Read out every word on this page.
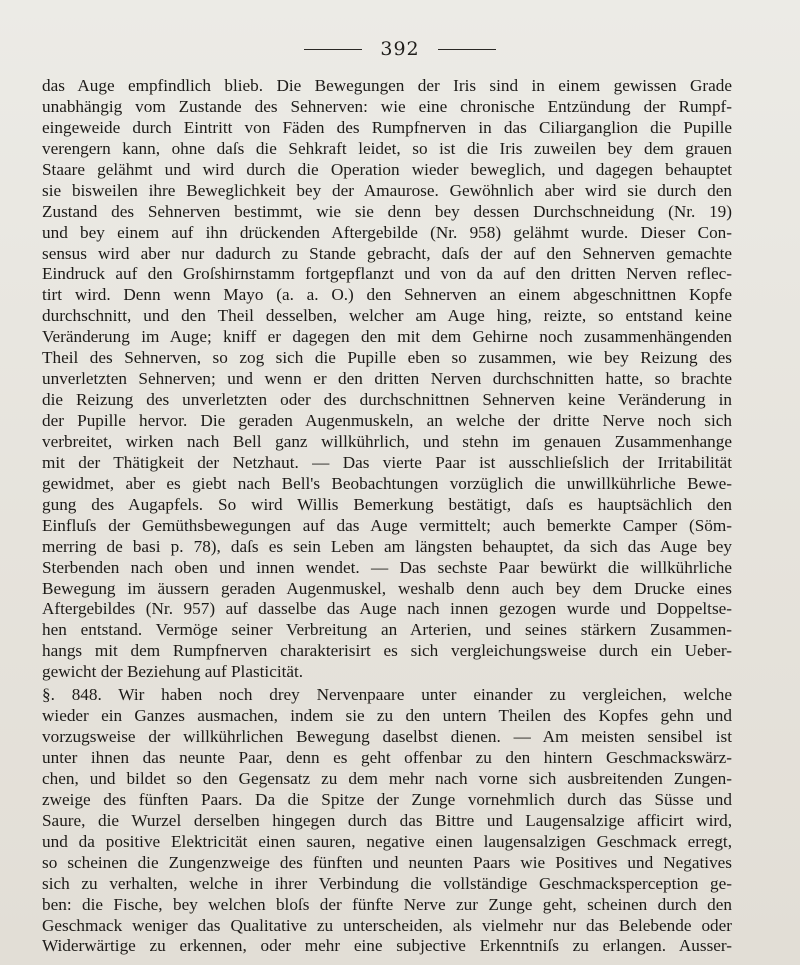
392
das Auge empfindlich blieb. Die Bewegungen der Iris sind in einem gewissen Grade
unabhängig vom Zustande des Sehnerven: wie eine chronische Entzündung der Rumpf-
eingeweide durch Eintritt von Fäden des Rumpfnerven in das Ciliarganglion die Pupille
verengern kann, ohne daſs die Sehkraft leidet, so ist die Iris zuweilen bey dem grauen
Staare gelähmt und wird durch die Operation wieder beweglich, und dagegen behauptet
sie bisweilen ihre Beweglichkeit bey der Amaurose. Gewöhnlich aber wird sie durch den
Zustand des Sehnerven bestimmt, wie sie denn bey dessen Durchschneidung (Nr. 19)
und bey einem auf ihn drückenden Aftergebilde (Nr. 958) gelähmt wurde. Dieser Con-
sensus wird aber nur dadurch zu Stande gebracht, daſs der auf den Sehnerven gemachte
Eindruck auf den Groſshirnstamm fortgepflanzt und von da auf den dritten Nerven reflec-
tirt wird. Denn wenn Mayo (a. a. O.) den Sehnerven an einem abgeschnittnen Kopfe
durchschnitt, und den Theil desselben, welcher am Auge hing, reizte, so entstand keine
Veränderung im Auge; kniff er dagegen den mit dem Gehirne noch zusammenhängenden
Theil des Sehnerven, so zog sich die Pupille eben so zusammen, wie bey Reizung des
unverletzten Sehnerven; und wenn er den dritten Nerven durchschnitten hatte, so brachte
die Reizung des unverletzten oder des durchschnittnen Sehnerven keine Veränderung in
der Pupille hervor. Die geraden Augenmuskeln, an welche der dritte Nerve noch sich
verbreitet, wirken nach Bell ganz willkührlich, und stehn im genauen Zusammenhange
mit der Thätigkeit der Netzhaut. — Das vierte Paar ist ausschlieſslich der Irritabilität
gewidmet, aber es giebt nach Bell's Beobachtungen vorzüglich die unwillkührliche Bewe-
gung des Augapfels. So wird Willis Bemerkung bestätigt, daſs es hauptsächlich den
Einfluſs der Gemüthsbewegungen auf das Auge vermittelt; auch bemerkte Camper (Söm-
merring de basi p. 78), daſs es sein Leben am längsten behauptet, da sich das Auge bey
Sterbenden nach oben und innen wendet. — Das sechste Paar bewürkt die willkührliche
Bewegung im äussern geraden Augenmuskel, weshalb denn auch bey dem Drucke eines
Aftergebildes (Nr. 957) auf dasselbe das Auge nach innen gezogen wurde und Doppeltse-
hen entstand. Vermöge seiner Verbreitung an Arterien, und seines stärkern Zusammen-
hangs mit dem Rumpfnerven charakterisirt es sich vergleichungsweise durch ein Ueber-
gewicht der Beziehung auf Plasticität.
§. 848. Wir haben noch drey Nervenpaare unter einander zu vergleichen, welche
wieder ein Ganzes ausmachen, indem sie zu den untern Theilen des Kopfes gehn und
vorzugsweise der willkührlichen Bewegung daselbst dienen. — Am meisten sensibel ist
unter ihnen das neunte Paar, denn es geht offenbar zu den hintern Geschmackswärz-
chen, und bildet so den Gegensatz zu dem mehr nach vorne sich ausbreitenden Zungen-
zweige des fünften Paars. Da die Spitze der Zunge vornehmlich durch das Süsse und
Saure, die Wurzel derselben hingegen durch das Bittre und Laugensalzige afficirt wird,
und da positive Elektricität einen sauren, negative einen laugensalzigen Geschmack erregt,
so scheinen die Zungenzweige des fünften und neunten Paars wie Positives und Negatives
sich zu verhalten, welche in ihrer Verbindung die vollständige Geschmacksperception ge-
ben: die Fische, bey welchen bloſs der fünfte Nerve zur Zunge geht, scheinen durch den
Geschmack weniger das Qualitative zu unterscheiden, als vielmehr nur das Belebende oder
Widerwärtige zu erkennen, oder mehr eine subjective Erkenntniſs zu erlangen. Ausser-
